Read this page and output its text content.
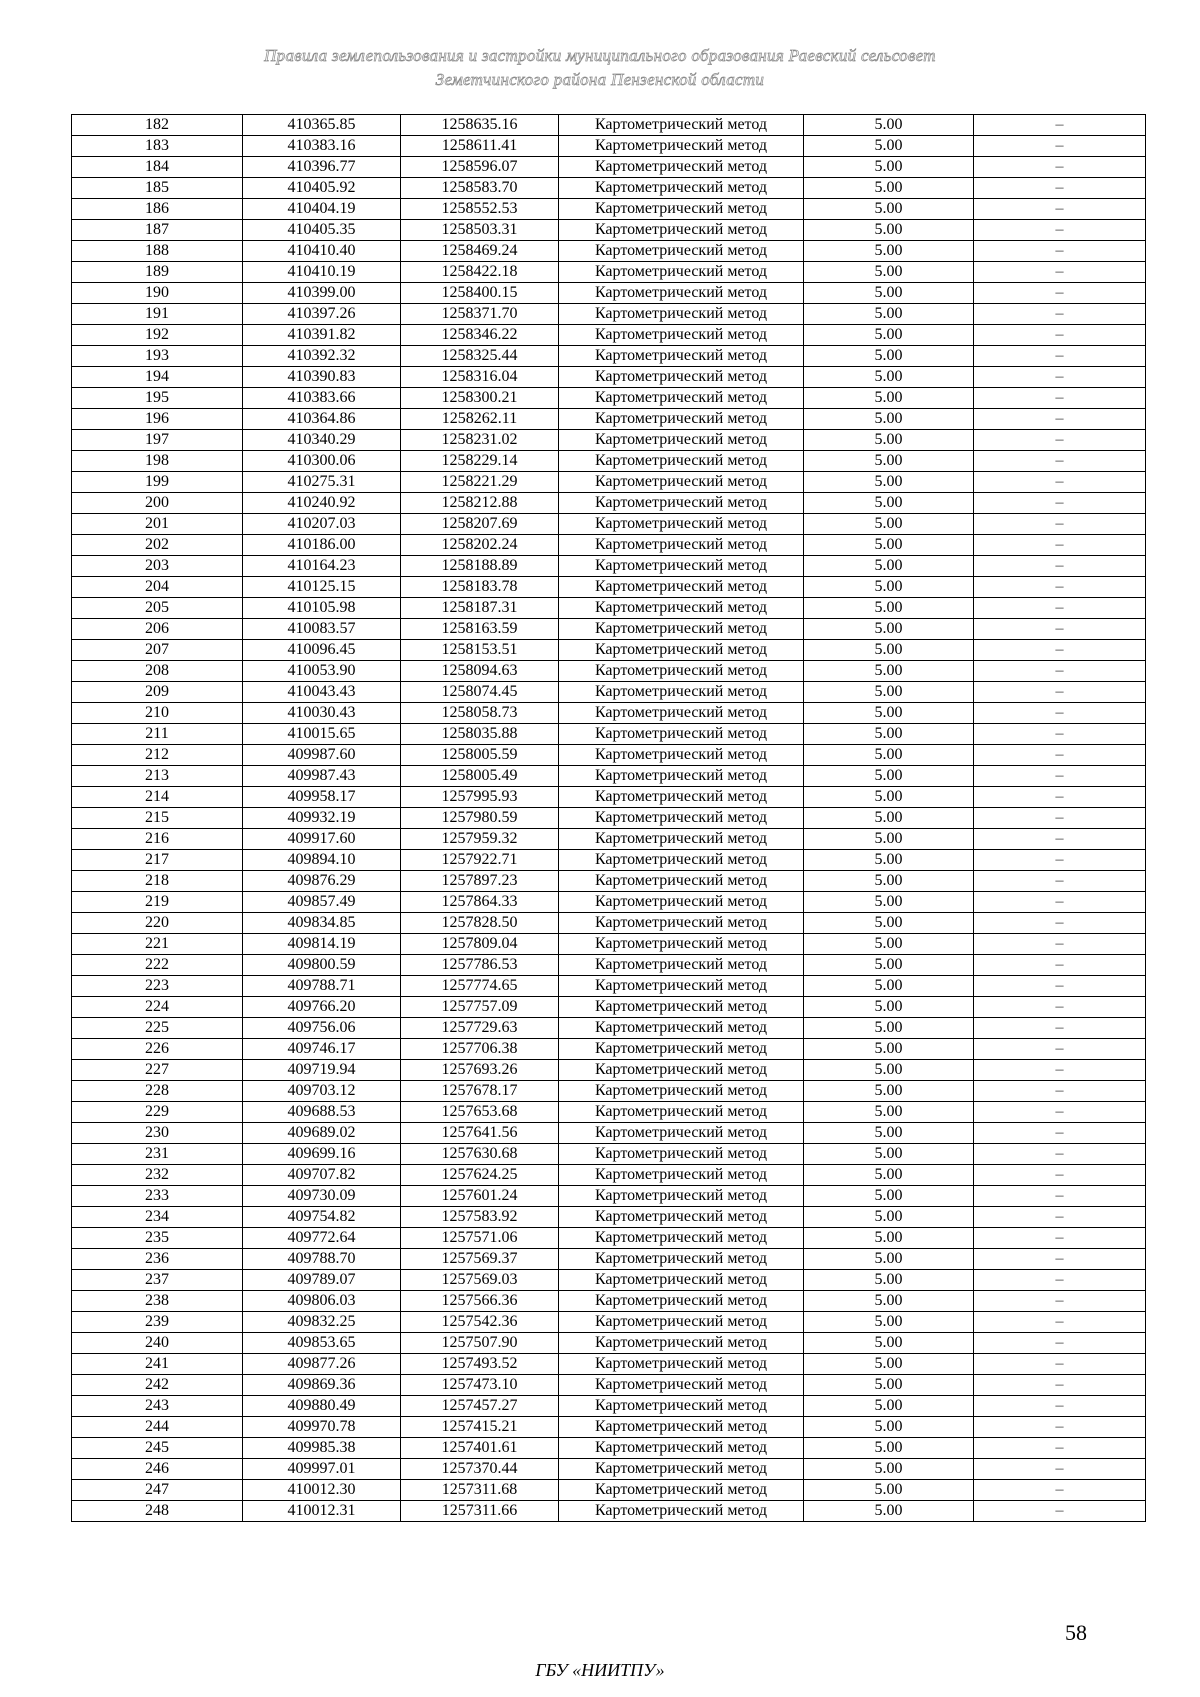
Правила землепользования и застройки муниципального образования Раевский сельсовет
Земетчинского района Пензенской области
182	410365.85	1258635.16	Картометрический метод	5.00	–
183	410383.16	1258611.41	Картометрический метод	5.00	–
184	410396.77	1258596.07	Картометрический метод	5.00	–
185	410405.92	1258583.70	Картометрический метод	5.00	–
186	410404.19	1258552.53	Картометрический метод	5.00	–
187	410405.35	1258503.31	Картометрический метод	5.00	–
188	410410.40	1258469.24	Картометрический метод	5.00	–
189	410410.19	1258422.18	Картометрический метод	5.00	–
190	410399.00	1258400.15	Картометрический метод	5.00	–
191	410397.26	1258371.70	Картометрический метод	5.00	–
192	410391.82	1258346.22	Картометрический метод	5.00	–
193	410392.32	1258325.44	Картометрический метод	5.00	–
194	410390.83	1258316.04	Картометрический метод	5.00	–
195	410383.66	1258300.21	Картометрический метод	5.00	–
196	410364.86	1258262.11	Картометрический метод	5.00	–
197	410340.29	1258231.02	Картометрический метод	5.00	–
198	410300.06	1258229.14	Картометрический метод	5.00	–
199	410275.31	1258221.29	Картометрический метод	5.00	–
200	410240.92	1258212.88	Картометрический метод	5.00	–
201	410207.03	1258207.69	Картометрический метод	5.00	–
202	410186.00	1258202.24	Картометрический метод	5.00	–
203	410164.23	1258188.89	Картометрический метод	5.00	–
204	410125.15	1258183.78	Картометрический метод	5.00	–
205	410105.98	1258187.31	Картометрический метод	5.00	–
206	410083.57	1258163.59	Картометрический метод	5.00	–
207	410096.45	1258153.51	Картометрический метод	5.00	–
208	410053.90	1258094.63	Картометрический метод	5.00	–
209	410043.43	1258074.45	Картометрический метод	5.00	–
210	410030.43	1258058.73	Картометрический метод	5.00	–
211	410015.65	1258035.88	Картометрический метод	5.00	–
212	409987.60	1258005.59	Картометрический метод	5.00	–
213	409987.43	1258005.49	Картометрический метод	5.00	–
214	409958.17	1257995.93	Картометрический метод	5.00	–
215	409932.19	1257980.59	Картометрический метод	5.00	–
216	409917.60	1257959.32	Картометрический метод	5.00	–
217	409894.10	1257922.71	Картометрический метод	5.00	–
218	409876.29	1257897.23	Картометрический метод	5.00	–
219	409857.49	1257864.33	Картометрический метод	5.00	–
220	409834.85	1257828.50	Картометрический метод	5.00	–
221	409814.19	1257809.04	Картометрический метод	5.00	–
222	409800.59	1257786.53	Картометрический метод	5.00	–
223	409788.71	1257774.65	Картометрический метод	5.00	–
224	409766.20	1257757.09	Картометрический метод	5.00	–
225	409756.06	1257729.63	Картометрический метод	5.00	–
226	409746.17	1257706.38	Картометрический метод	5.00	–
227	409719.94	1257693.26	Картометрический метод	5.00	–
228	409703.12	1257678.17	Картометрический метод	5.00	–
229	409688.53	1257653.68	Картометрический метод	5.00	–
230	409689.02	1257641.56	Картометрический метод	5.00	–
231	409699.16	1257630.68	Картометрический метод	5.00	–
232	409707.82	1257624.25	Картометрический метод	5.00	–
233	409730.09	1257601.24	Картометрический метод	5.00	–
234	409754.82	1257583.92	Картометрический метод	5.00	–
235	409772.64	1257571.06	Картометрический метод	5.00	–
236	409788.70	1257569.37	Картометрический метод	5.00	–
237	409789.07	1257569.03	Картометрический метод	5.00	–
238	409806.03	1257566.36	Картометрический метод	5.00	–
239	409832.25	1257542.36	Картометрический метод	5.00	–
240	409853.65	1257507.90	Картометрический метод	5.00	–
241	409877.26	1257493.52	Картометрический метод	5.00	–
242	409869.36	1257473.10	Картометрический метод	5.00	–
243	409880.49	1257457.27	Картометрический метод	5.00	–
244	409970.78	1257415.21	Картометрический метод	5.00	–
245	409985.38	1257401.61	Картометрический метод	5.00	–
246	409997.01	1257370.44	Картометрический метод	5.00	–
247	410012.30	1257311.68	Картометрический метод	5.00	–
248	410012.31	1257311.66	Картометрический метод	5.00	–
58
ГБУ «НИИТПУ»
